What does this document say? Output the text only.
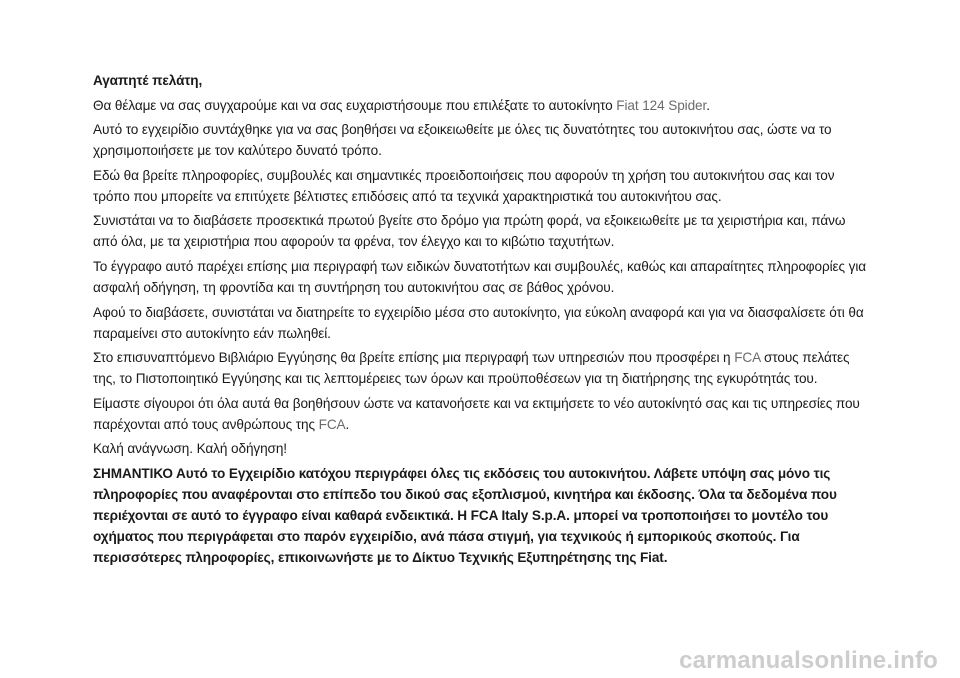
Αγαπητέ πελάτη,

Θα θέλαμε να σας συγχαρούμε και να σας ευχαριστήσουμε που επιλέξατε το αυτοκίνητο Fiat 124 Spider.

Αυτό το εγχειρίδιο συντάχθηκε για να σας βοηθήσει να εξοικειωθείτε με όλες τις δυνατότητες του αυτοκινήτου σας, ώστε να το χρησιμοποιήσετε με τον καλύτερο δυνατό τρόπο.

Εδώ θα βρείτε πληροφορίες, συμβουλές και σημαντικές προειδοποιήσεις που αφορούν τη χρήση του αυτοκινήτου σας και τον τρόπο που μπορείτε να επιτύχετε βέλτιστες επιδόσεις από τα τεχνικά χαρακτηριστικά του αυτοκινήτου σας.

Συνιστάται να το διαβάσετε προσεκτικά πρωτού βγείτε στο δρόμο για πρώτη φορά, να εξοικειωθείτε με τα χειριστήρια και, πάνω από όλα, με τα χειριστήρια που αφορούν τα φρένα, τον έλεγχο και το κιβώτιο ταχυτήτων.

Το έγγραφο αυτό παρέχει επίσης μια περιγραφή των ειδικών δυνατοτήτων και συμβουλές, καθώς και απαραίτητες πληροφορίες για ασφαλή οδήγηση, τη φροντίδα και τη συντήρηση του αυτοκινήτου σας σε βάθος χρόνου.

Αφού το διαβάσετε, συνιστάται να διατηρείτε το εγχειρίδιο μέσα στο αυτοκίνητο, για εύκολη αναφορά και για να διασφαλίσετε ότι θα παραμείνει στο αυτοκίνητο εάν πωληθεί.

Στο επισυναπτόμενο Βιβλιάριο Εγγύησης θα βρείτε επίσης μια περιγραφή των υπηρεσιών που προσφέρει η FCA στους πελάτες της, το Πιστοποιητικό Εγγύησης και τις λεπτομέρειες των όρων και προϋποθέσεων για τη διατήρησης της εγκυρότητάς του.

Είμαστε σίγουροι ότι όλα αυτά θα βοηθήσουν ώστε να κατανοήσετε και να εκτιμήσετε το νέο αυτοκίνητό σας και τις υπηρεσίες που παρέχονται από τους ανθρώπους της FCA.

Καλή ανάγνωση. Καλή οδήγηση!

ΣΗΜΑΝΤΙΚΟ Αυτό το Εγχειρίδιο κατόχου περιγράφει όλες τις εκδόσεις του αυτοκινήτου. Λάβετε υπόψη σας μόνο τις πληροφορίες που αναφέρονται στο επίπεδο του δικού σας εξοπλισμού, κινητήρα και έκδοσης. Όλα τα δεδομένα που περιέχονται σε αυτό το έγγραφο είναι καθαρά ενδεικτικά. Η FCA Italy S.p.A. μπορεί να τροποποιήσει το μοντέλο του οχήματος που περιγράφεται στο παρόν εγχειρίδιο, ανά πάσα στιγμή, για τεχνικούς ή εμπορικούς σκοπούς. Για περισσότερες πληροφορίες, επικοινωνήστε με το Δίκτυο Τεχνικής Εξυπηρέτησης της Fiat.

carmanualsonline.info
